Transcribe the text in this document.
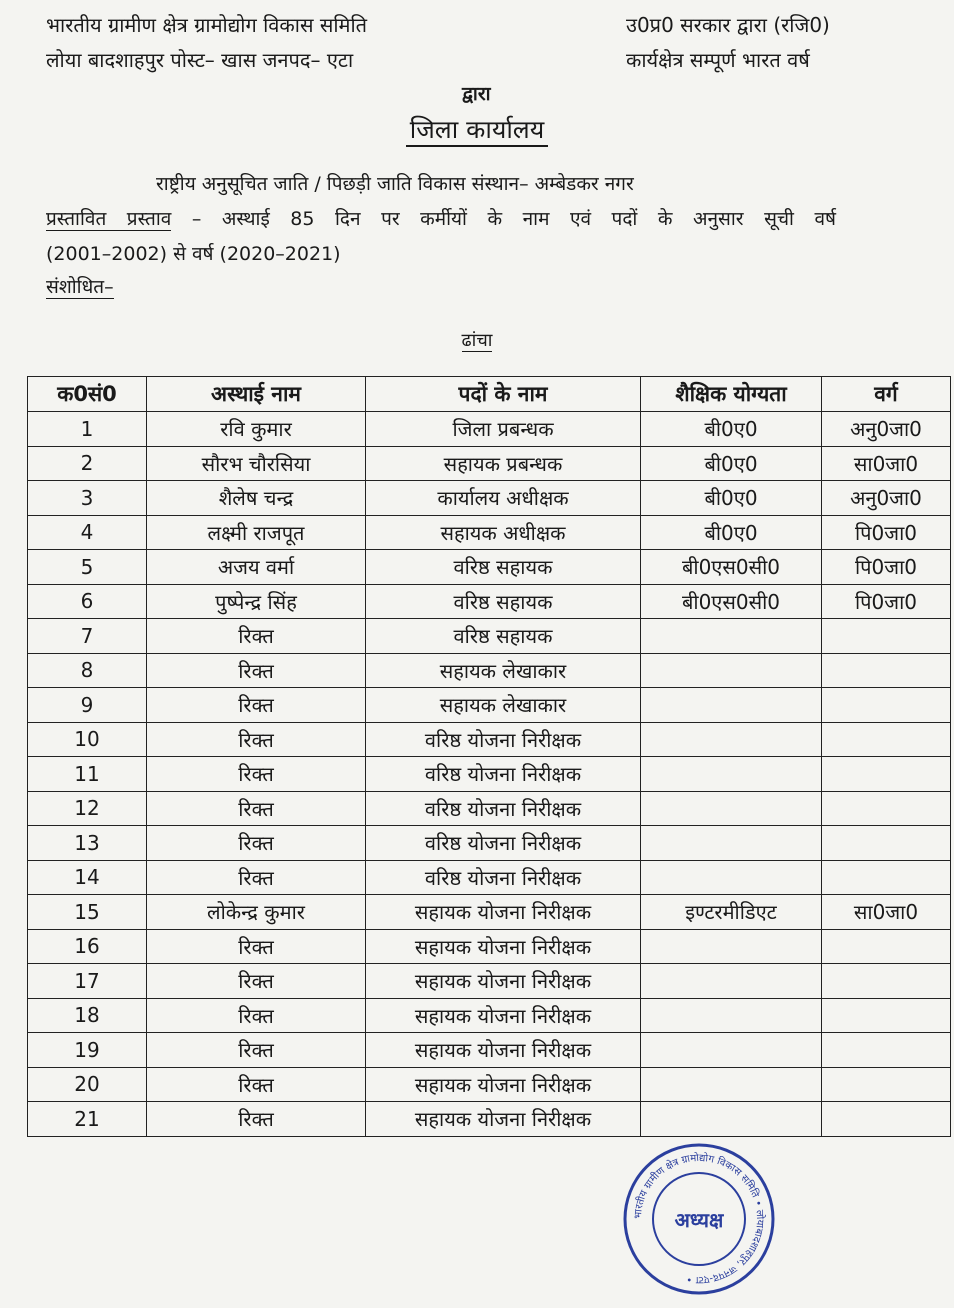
भारतीय ग्रामीण क्षेत्र ग्रामोद्योग विकास समिति
लोया बादशाहपुर पोस्ट– खास जनपद– एटा
उ0प्र0 सरकार द्वारा (रजि0)
कार्यक्षेत्र सम्पूर्ण भारत वर्ष
द्वारा
जिला कार्यालय
राष्ट्रीय अनुसूचित जाति / पिछड़ी जाति विकास संस्थान– अम्बेडकर नगर
प्रस्तावित प्रस्ताव – अस्थाई 85 दिन पर कर्मीयों के नाम एवं पदों के अनुसार सूची वर्ष
(2001–2002) से वर्ष (2020–2021)
संशोधित–
ढांचा
क0सं0	अस्थाई नाम	पदों के नाम	शैक्षिक योग्यता	वर्ग
1	रवि कुमार	जिला प्रबन्धक	बी0ए0	अनु0जा0
2	सौरभ चौरसिया	सहायक प्रबन्धक	बी0ए0	सा0जा0
3	शैलेष चन्द्र	कार्यालय अधीक्षक	बी0ए0	अनु0जा0
4	लक्ष्मी राजपूत	सहायक अधीक्षक	बी0ए0	पि0जा0
5	अजय वर्मा	वरिष्ठ सहायक	बी0एस0सी0	पि0जा0
6	पुष्पेन्द्र सिंह	वरिष्ठ सहायक	बी0एस0सी0	पि0जा0
7	रिक्त	वरिष्ठ सहायक		
8	रिक्त	सहायक लेखाकार		
9	रिक्त	सहायक लेखाकार		
10	रिक्त	वरिष्ठ योजना निरीक्षक		
11	रिक्त	वरिष्ठ योजना निरीक्षक		
12	रिक्त	वरिष्ठ योजना निरीक्षक		
13	रिक्त	वरिष्ठ योजना निरीक्षक		
14	रिक्त	वरिष्ठ योजना निरीक्षक		
15	लोकेन्द्र कुमार	सहायक योजना निरीक्षक	इण्टरमीडिएट	सा0जा0
16	रिक्त	सहायक योजना निरीक्षक		
17	रिक्त	सहायक योजना निरीक्षक		
18	रिक्त	सहायक योजना निरीक्षक		
19	रिक्त	सहायक योजना निरीक्षक		
20	रिक्त	सहायक योजना निरीक्षक		
21	रिक्त	सहायक योजना निरीक्षक		
भारतीय ग्रामीण क्षेत्र ग्रामोद्योग विकास समिति • लोयाबादशाहपुर, जनपद-एटा •
अध्यक्ष
